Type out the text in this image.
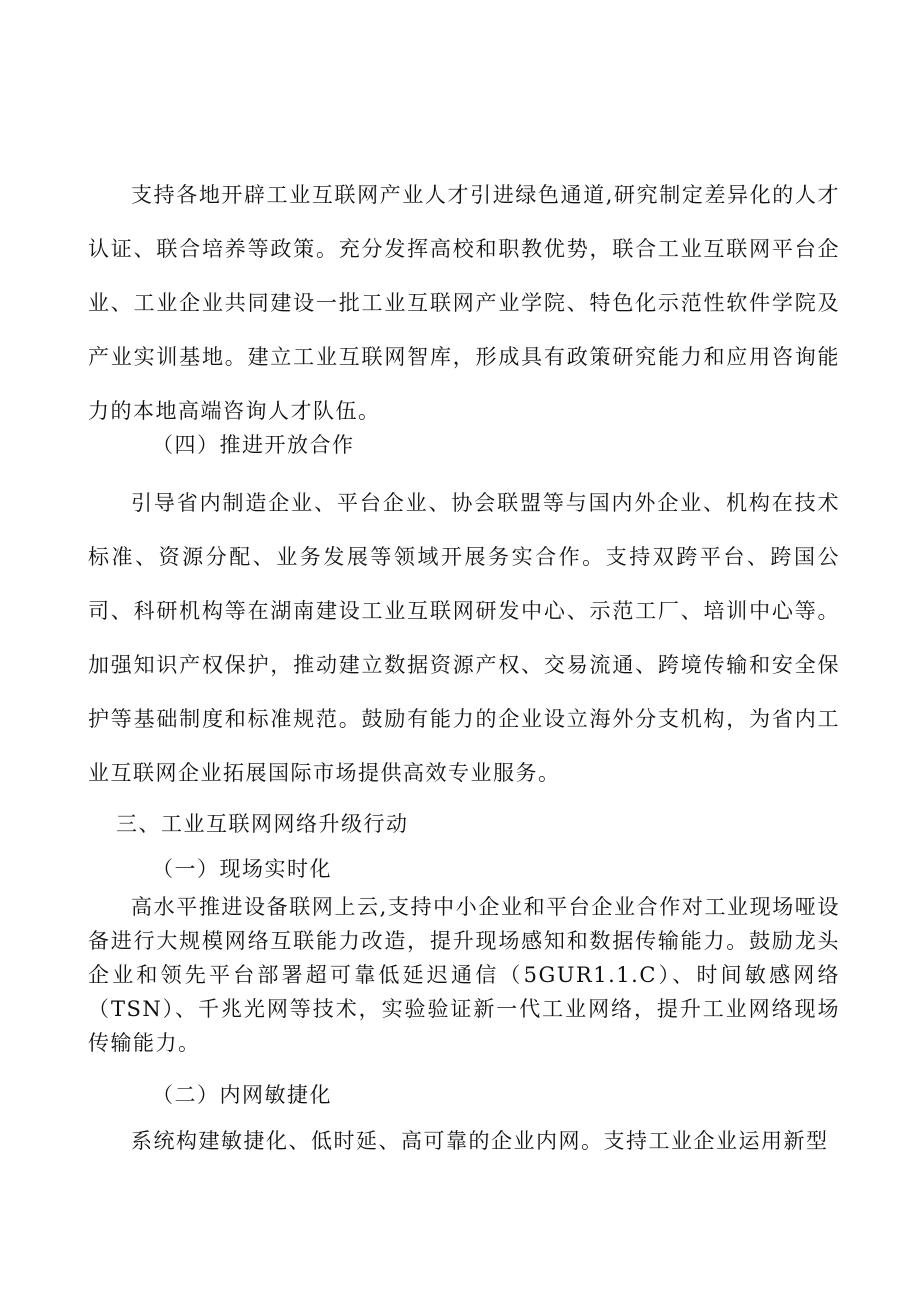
支持各地开辟工业互联网产业人才引进绿色通道,研究制定差异化的人才认证、联合培养等政策。充分发挥高校和职教优势，联合工业互联网平台企业、工业企业共同建设一批工业互联网产业学院、特色化示范性软件学院及产业实训基地。建立工业互联网智库，形成具有政策研究能力和应用咨询能力的本地高端咨询人才队伍。

（四）推进开放合作

引导省内制造企业、平台企业、协会联盟等与国内外企业、机构在技术标准、资源分配、业务发展等领域开展务实合作。支持双跨平台、跨国公司、科研机构等在湖南建设工业互联网研发中心、示范工厂、培训中心等。加强知识产权保护，推动建立数据资源产权、交易流通、跨境传输和安全保护等基础制度和标准规范。鼓励有能力的企业设立海外分支机构，为省内工业互联网企业拓展国际市场提供高效专业服务。

三、工业互联网网络升级行动
（一）现场实时化

高水平推进设备联网上云,支持中小企业和平台企业合作对工业现场哑设备进行大规模网络互联能力改造，提升现场感知和数据传输能力。鼓励龙头企业和领先平台部署超可靠低延迟通信（5GUR1.1.C）、时间敏感网络（TSN）、千兆光网等技术，实验验证新一代工业网络，提升工业网络现场传输能力。

（二）内网敏捷化

系统构建敏捷化、低时延、高可靠的企业内网。支持工业企业运用新型
